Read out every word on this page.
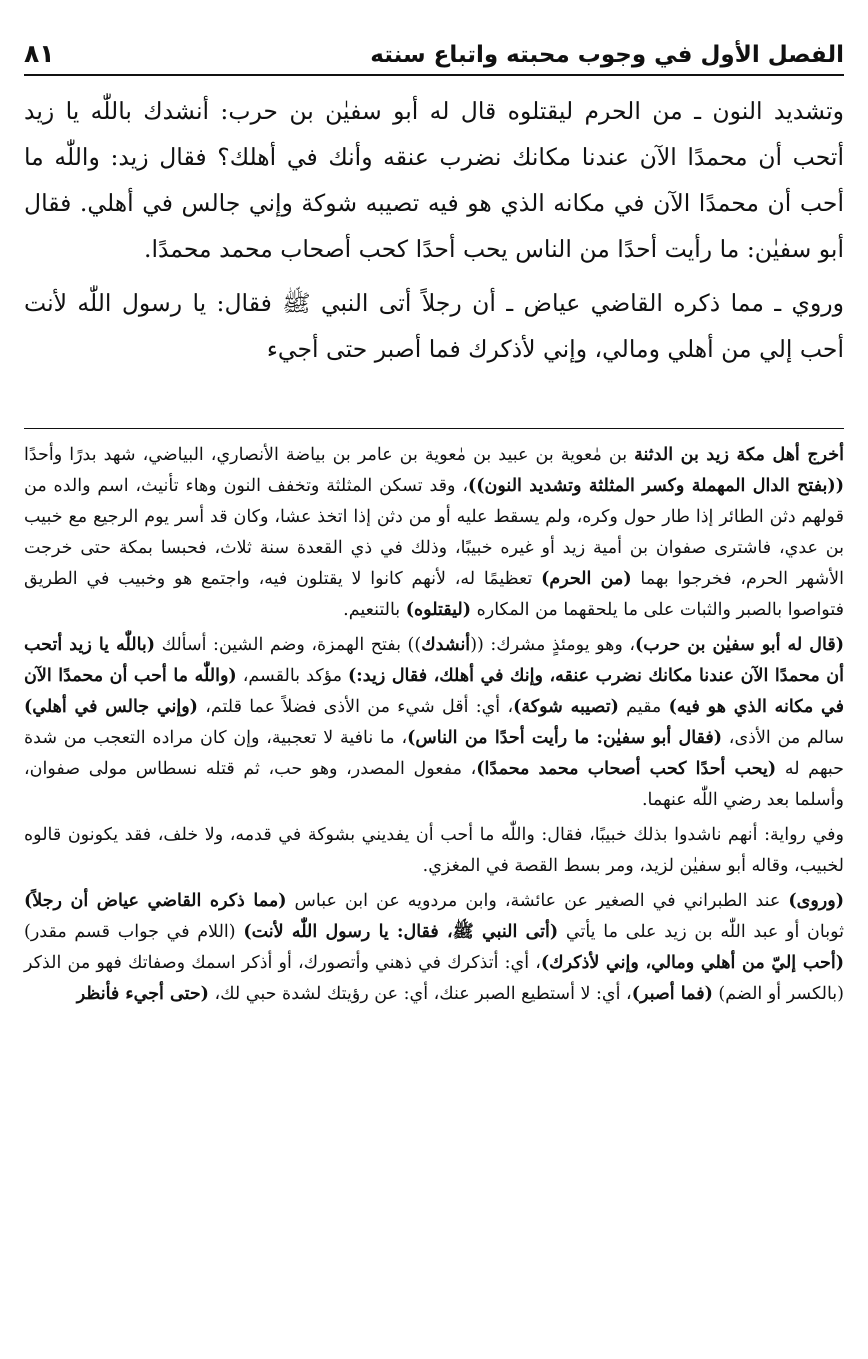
الفصل الأول في وجوب محبته واتباع سنته
٨١

وتشديد النون ـ من الحرم ليقتلوه قال له أبو سفيٰن بن حرب: أنشدك باللّٰه يا زيد أتحب أن محمدًا الآن عندنا مكانك نضرب عنقه وأنك في أهلك؟ فقال زيد: واللّٰه ما أحب أن محمدًا الآن في مكانه الذي هو فيه تصيبه شوكة وإني جالس في أهلي. فقال أبو سفيٰن: ما رأيت أحدًا من الناس يحب أحدًا كحب أصحاب محمد محمدًا.

وروي ـ مما ذكره القاضي عياض ـ أن رجلاً أتى النبي ﷺ فقال: يا رسول اللّٰه لأنت أحب إلي من أهلي ومالي، وإني لأذكرك فما أصبر حتى أجيء

أخرج أهل مكة زيد بن الدثنة بن مٰعوية بن عبيد بن مٰعوية بن عامر بن بياضة الأنصاري، البياضي، شهد بدرًا وأحدًا ((بفتح الدال المهملة وكسر المثلثة وتشديد النون))، وقد تسكن المثلثة وتخفف النون وهاء تأنيث، اسم والده من قولهم دثن الطائر إذا طار حول وكره، ولم يسقط عليه أو من دثن إذا اتخذ عشا، وكان قد أسر يوم الرجيع مع خبيب بن عدي، فاشترى صفوان بن أمية زيد أو غيره خبيبًا، وذلك في ذي القعدة سنة ثلاث، فحبسا بمكة حتى خرجت الأشهر الحرم، فخرجوا بهما (من الحرم) تعظيمًا له، لأنهم كانوا لا يقتلون فيه، واجتمع هو وخبيب في الطريق فتواصوا بالصبر والثبات على ما يلحقهما من المكاره (ليقتلوه) بالتنعيم.

(قال له أبو سفيٰن بن حرب)، وهو يومئذٍ مشرك: ((أنشدك)) بفتح الهمزة، وضم الشين: أسألك (باللّٰه يا زيد أتحب أن محمدًا الآن عندنا مكانك نضرب عنقه، وإنك في أهلك، فقال زيد:) مؤكد بالقسم، (واللّٰه ما أحب أن محمدًا الآن في مكانه الذي هو فيه) مقيم (تصيبه شوكة)، أي: أقل شيء من الأذى فضلاً عما قلتم، (وإني جالس في أهلي) سالم من الأذى، (فقال أبو سفيٰن: ما رأيت أحدًا من الناس)، ما نافية لا تعجبية، وإن كان مراده التعجب من شدة حبهم له (يحب أحدًا كحب أصحاب محمد محمدًا)، مفعول المصدر، وهو حب، ثم قتله نسطاس مولى صفوان، وأسلما بعد رضي اللّٰه عنهما.

وفي رواية: أنهم ناشدوا بذلك خبيبًا، فقال: واللّٰه ما أحب أن يفديني بشوكة في قدمه، ولا خلف، فقد يكونون قالوه لخبيب، وقاله أبو سفيٰن لزيد، ومر بسط القصة في المغزي.

(وروى) عند الطبراني في الصغير عن عائشة، وابن مردويه عن ابن عباس (مما ذكره القاضي عياض أن رجلاً) ثوبان أو عبد اللّٰه بن زيد على ما يأتي (أتى النبي ﷺ، فقال: يا رسول اللّٰه لأنت) (اللام في جواب قسم مقدر) (أحب إليّ من أهلي ومالي، وإني لأذكرك)، أي: أتذكرك في ذهني وأتصورك، أو أذكر اسمك وصفاتك فهو من الذكر (بالكسر أو الضم) (فما أصبر)، أي: لا أستطيع الصبر عنك، أي: عن رؤيتك لشدة حبي لك، (حتى أجيء فأنظر
